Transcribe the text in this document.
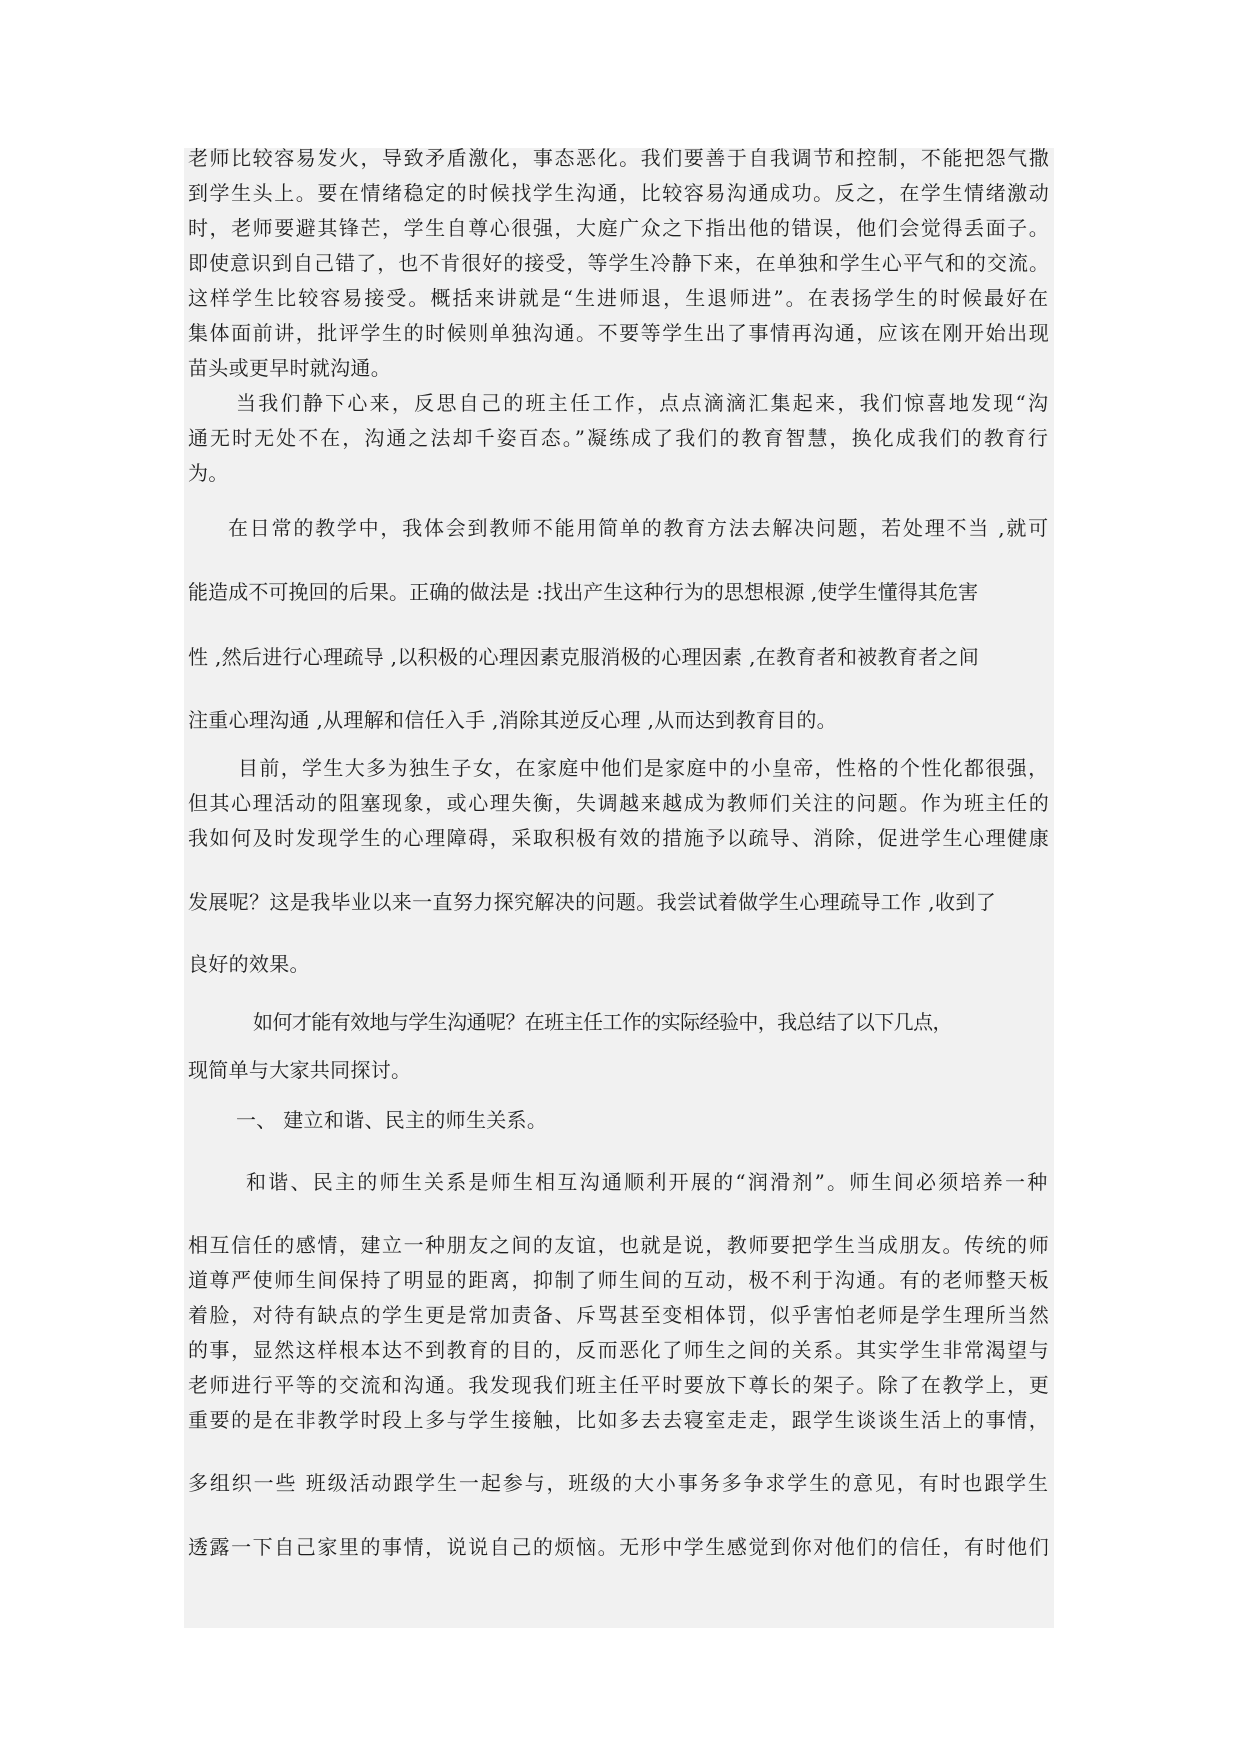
老师比较容易发火，导致矛盾激化，事态恶化。我们要善于自我调节和控制，不能把怨气撒
到学生头上。要在情绪稳定的时候找学生沟通，比较容易沟通成功。反之，在学生情绪激动
时，老师要避其锋芒，学生自尊心很强，大庭广众之下指出他的错误，他们会觉得丢面子。
即使意识到自己错了，也不肯很好的接受，等学生冷静下来，在单独和学生心平气和的交流。
这样学生比较容易接受。概括来讲就是“生进师退，生退师进”。在表扬学生的时候最好在
集体面前讲，批评学生的时候则单独沟通。不要等学生出了事情再沟通，应该在刚开始出现
苗头或更早时就沟通。
当我们静下心来，反思自己的班主任工作，点点滴滴汇集起来，我们惊喜地发现“沟
通无时无处不在，沟通之法却千姿百态。”凝练成了我们的教育智慧，换化成我们的教育行
为。
在日常的教学中，我体会到教师不能用简单的教育方法去解决问题，若处理不当 ,就可
能造成不可挽回的后果。正确的做法是 :找出产生这种行为的思想根源 ,使学生懂得其危害
性 ,然后进行心理疏导 ,以积极的心理因素克服消极的心理因素 ,在教育者和被教育者之间
注重心理沟通 ,从理解和信任入手 ,消除其逆反心理 ,从而达到教育目的。
目前，学生大多为独生子女，在家庭中他们是家庭中的小皇帝，性格的个性化都很强，
但其心理活动的阻塞现象，或心理失衡，失调越来越成为教师们关注的问题。作为班主任的
我如何及时发现学生的心理障碍，采取积极有效的措施予以疏导、消除，促进学生心理健康
发展呢？这是我毕业以来一直努力探究解决的问题。我尝试着做学生心理疏导工作 ,收到了
良好的效果。
如何才能有效地与学生沟通呢？在班主任工作的实际经验中，我总结了以下几点，
现简单与大家共同探讨。
一、 建立和谐、民主的师生关系。
和谐、民主的师生关系是师生相互沟通顺利开展的“润滑剂”。师生间必须培养一种
相互信任的感情，建立一种朋友之间的友谊，也就是说，教师要把学生当成朋友。传统的师
道尊严使师生间保持了明显的距离，抑制了师生间的互动，极不利于沟通。有的老师整天板
着脸，对待有缺点的学生更是常加责备、斥骂甚至变相体罚，似乎害怕老师是学生理所当然
的事，显然这样根本达不到教育的目的，反而恶化了师生之间的关系。其实学生非常渴望与
老师进行平等的交流和沟通。我发现我们班主任平时要放下尊长的架子。除了在教学上，更
重要的是在非教学时段上多与学生接触，比如多去去寝室走走，跟学生谈谈生活上的事情，
多组织一些 班级活动跟学生一起参与，班级的大小事务多争求学生的意见，有时也跟学生
透露一下自己家里的事情，说说自己的烦恼。无形中学生感觉到你对他们的信任，有时他们
